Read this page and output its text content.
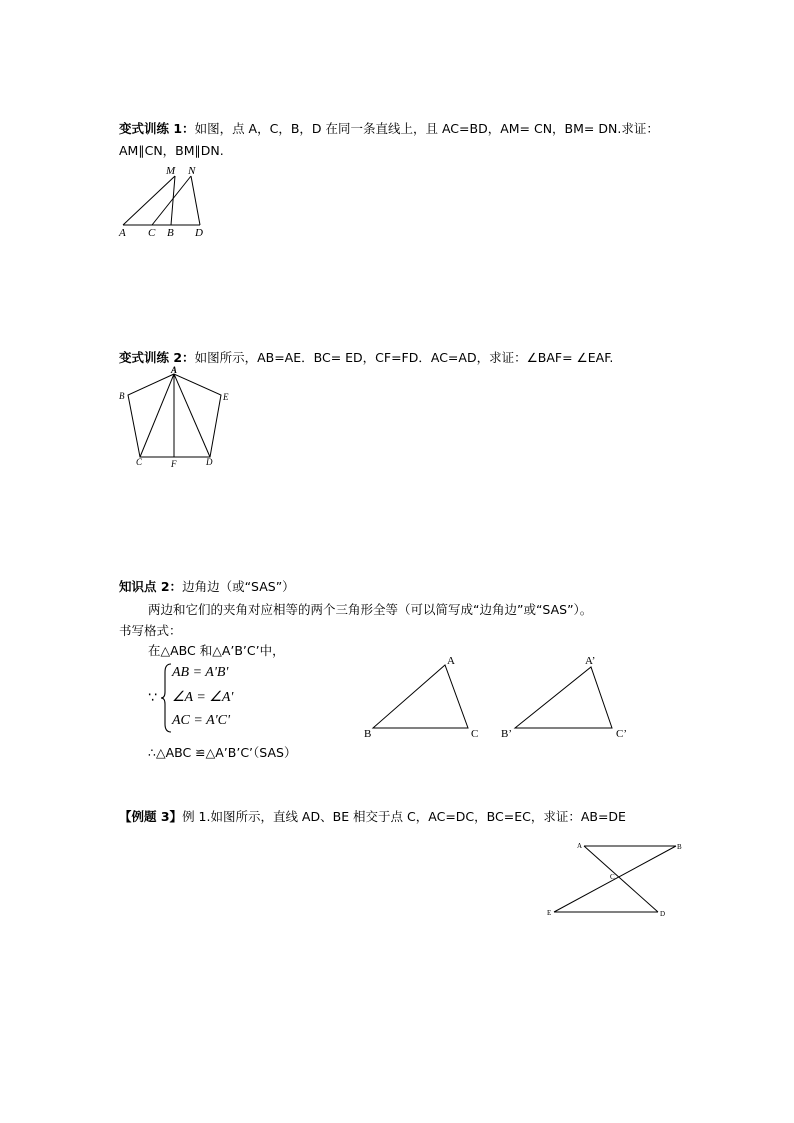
变式训练 1：如图，点 A，C，B，D 在同一条直线上，且 AC=BD，AM= CN，BM= DN.求证：
AM∥CN，BM∥DN.
M N
A C B D
变式训练 2：如图所示，AB=AE．BC= ED，CF=FD．AC=AD，求证：∠BAF= ∠EAF.
A
B	E
C	F	D
知识点 2：边角边（或“SAS”）
两边和它们的夹角对应相等的两个三角形全等（可以简写成“边角边”或“SAS”）。
书写格式：
在△ABC 和△A’B’C’中，
∵
AB = A'B'
∠A = ∠A'
AC = A'C'
∴△ABC ≌△A’B’C’（SAS）
A
B	C
A’
B’	C’
【例题 3】例 1.如图所示，直线 AD、BE 相交于点 C，AC=DC，BC=EC，求证：AB=DE
A	B
C
E	D
